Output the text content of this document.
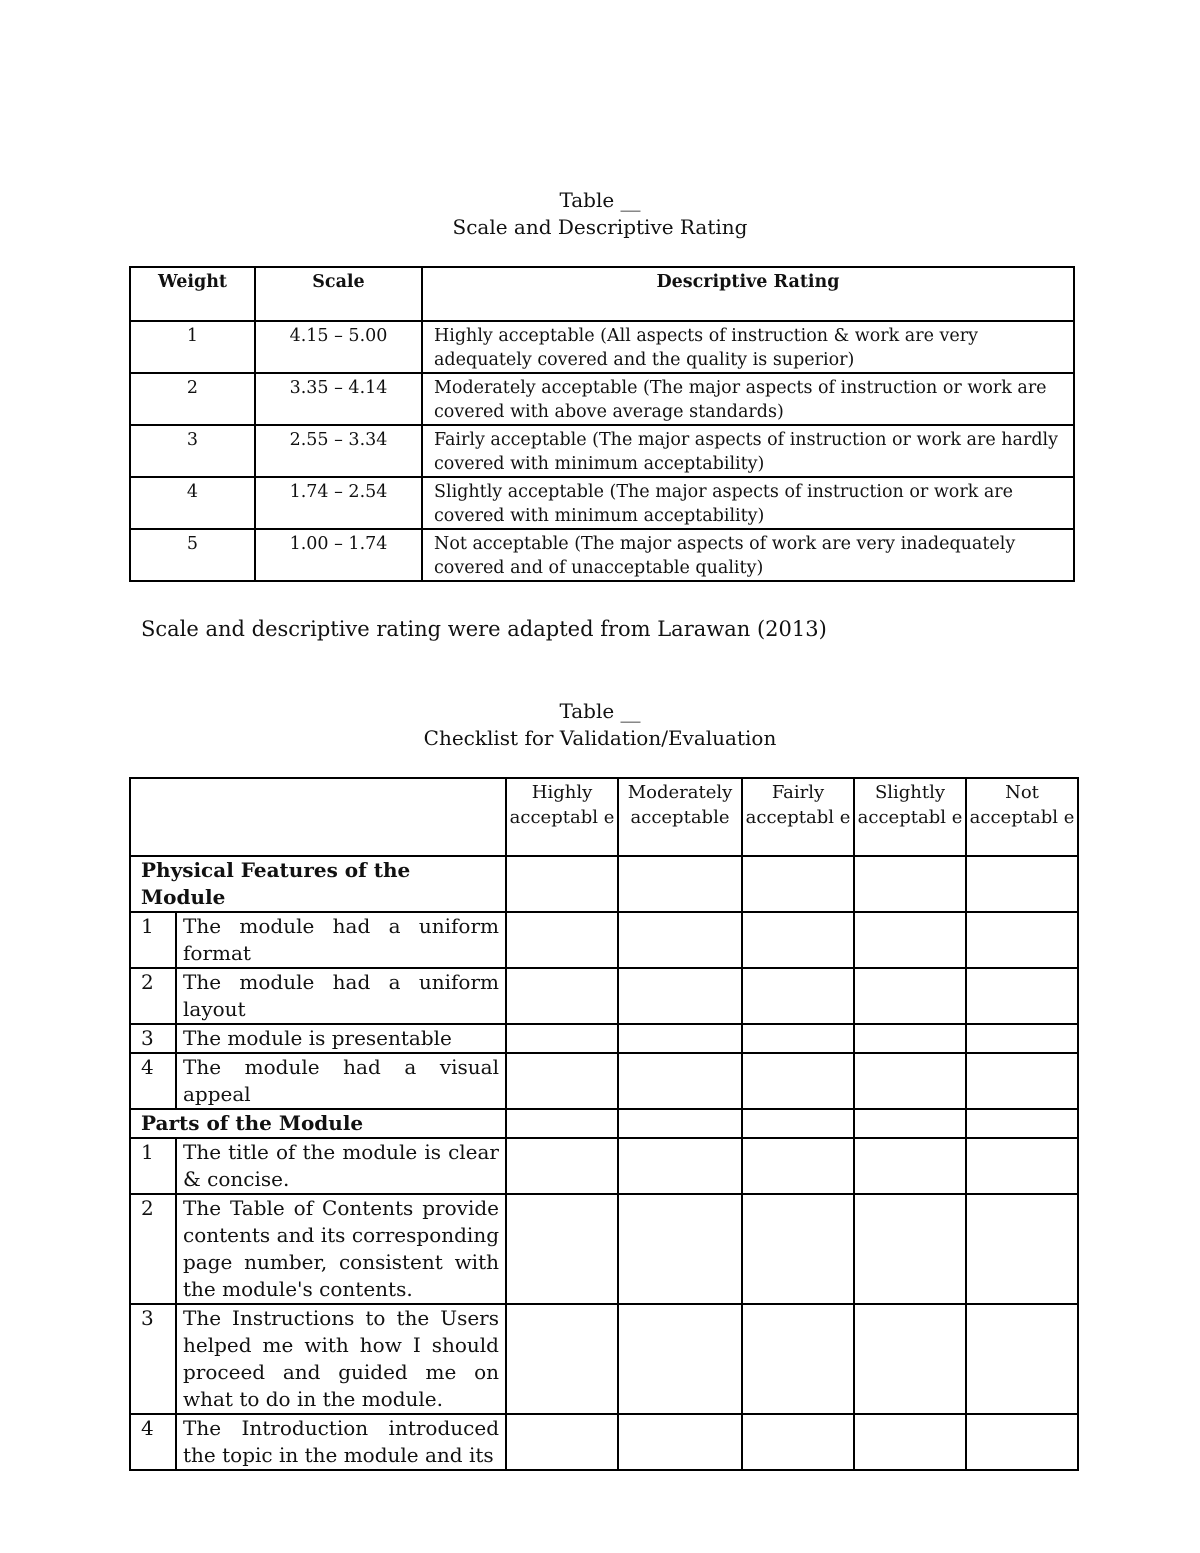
Table __
Scale and Descriptive Rating
Weight	Scale	Descriptive Rating
1	4.15 – 5.00	Highly acceptable (All aspects of instruction & work are very adequately covered and the quality is superior)
2	3.35 – 4.14	Moderately acceptable (The major aspects of instruction or work are covered with above average standards)
3	2.55 – 3.34	Fairly acceptable (The major aspects of instruction or work are hardly covered with minimum acceptability)
4	1.74 – 2.54	Slightly acceptable (The major aspects of instruction or work are covered with minimum acceptability)
5	1.00 – 1.74	Not acceptable (The major aspects of work are very inadequately covered and of unacceptable quality)
Scale and descriptive rating were adapted from Larawan (2013)
Table __
Checklist for Validation/Evaluation
		Highly acceptabl e	Moderately acceptable	Fairly acceptabl e	Slightly acceptabl e	Not acceptabl e
Physical Features of the Module						
1	The module had a uniform format					
2	The module had a uniform layout					
3	The module is presentable					
4	The module had a visual appeal					
Parts of the Module						
1	The title of the module is clear & concise.					
2	The Table of Contents provide contents and its corresponding page number, consistent with the module's contents.					
3	The Instructions to the Users helped me with how I should proceed and guided me on what to do in the module.					
4	The Introduction introduced the topic in the module and its					
